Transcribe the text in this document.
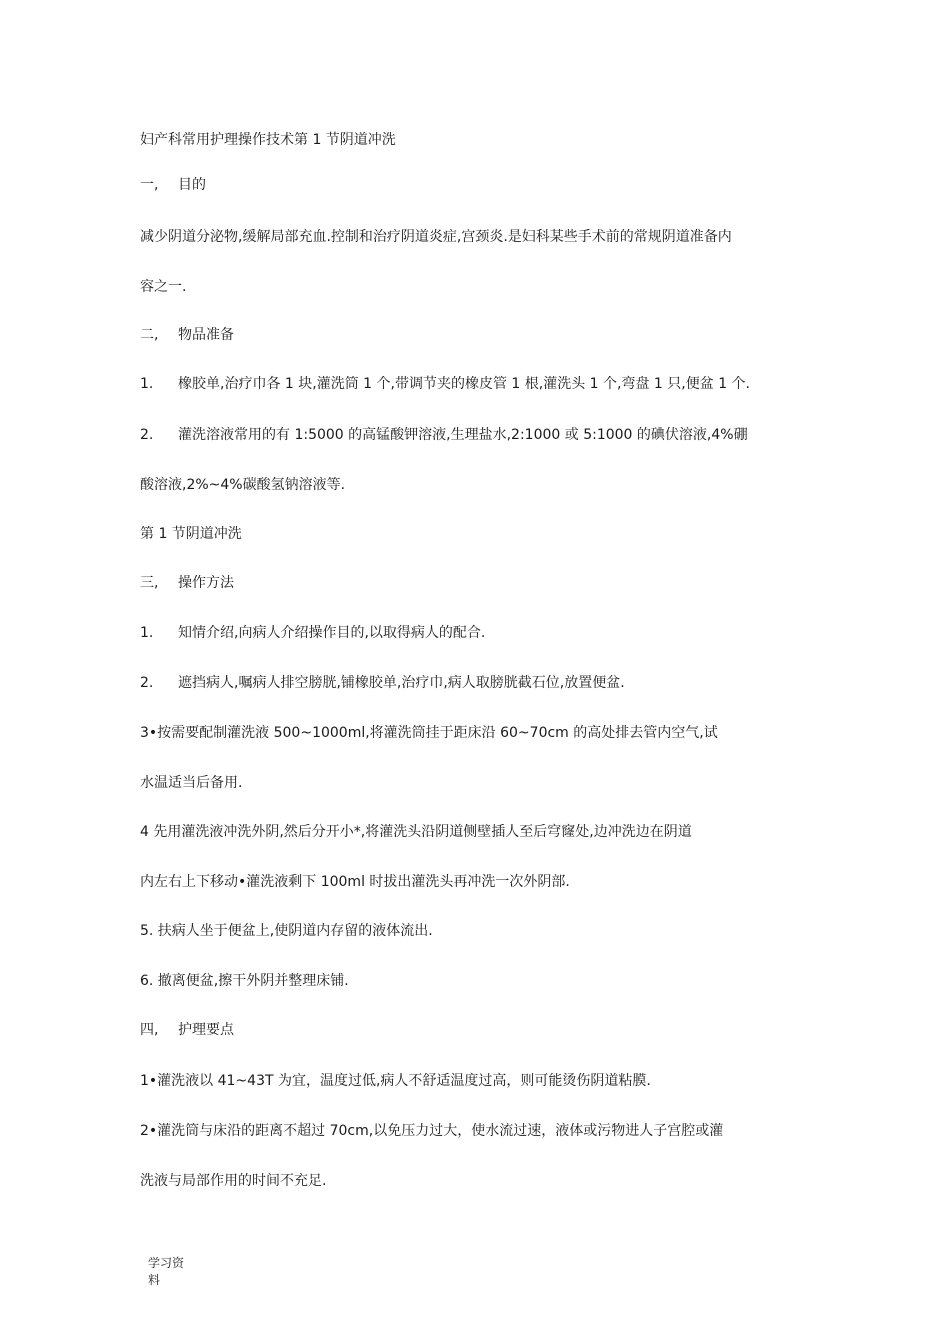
妇产科常用护理操作技术第 1 节阴道冲洗
一, 目的
减少阴道分泌物,缓解局部充血.控制和治疗阴道炎症,宫颈炎.是妇科某些手术前的常规阴道准备内
容之一.
二, 物品准备
1. 橡胶单,治疗巾各 1 块,灌洗筒 1 个,带调节夹的橡皮管 1 根,灌洗头 1 个,弯盘 1 只,便盆 1 个.
2. 灌洗溶液常用的有 1:5000 的高锰酸钾溶液,生理盐水,2:1000 或 5:1000 的碘伏溶液,4%硼
酸溶液,2%~4%碳酸氢钠溶液等.
第 1 节阴道冲洗
三, 操作方法
1. 知情介绍,向病人介绍操作目的,以取得病人的配合.
2. 遮挡病人,嘱病人排空膀胱,铺橡胶单,治疗巾,病人取膀胱截石位,放置便盆.
3•按需要配制灌洗液 500~1000ml,将灌洗筒挂于距床沿 60~70cm 的高处排去管内空气,试
水温适当后备用.
4 先用灌洗液冲洗外阴,然后分开小*,将灌洗头沿阴道侧壁插人至后穹窿处,边冲洗边在阴道
内左右上下移动•灌洗液剩下 100ml 时拔出灌洗头再冲洗一次外阴部.
5. 扶病人坐于便盆上,使阴道内存留的液体流出.
6. 撤离便盆,擦干外阴并整理床铺.
四, 护理要点
1•灌洗液以 41~43T 为宜，温度过低,病人不舒适温度过高，则可能烫伤阴道粘膜.
2•灌洗筒与床沿的距离不超过 70cm,以免压力过大，使水流过速，液体或污物进人子宫腔或灌
洗液与局部作用的时间不充足.
学习资
料
